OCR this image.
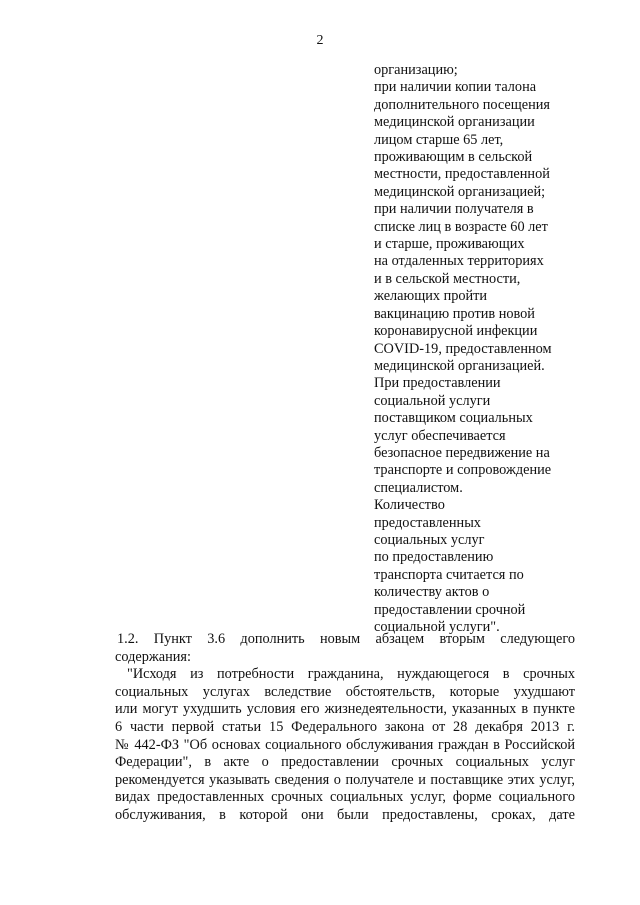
2
организацию;
при наличии копии талона
дополнительного посещения
медицинской организации
лицом старше 65 лет,
проживающим в сельской
местности, предоставленной
медицинской организацией;
при наличии получателя в
списке лиц в возрасте 60 лет
и старше, проживающих
на отдаленных территориях
и в сельской местности,
желающих пройти
вакцинацию против новой
коронавирусной инфекции
COVID-19, предоставленном
медицинской организацией.
При предоставлении
социальной услуги
поставщиком социальных
услуг обеспечивается
безопасное передвижение на
транспорте и сопровождение
специалистом.
Количество
предоставленных
социальных услуг
по предоставлению
транспорта считается по
количеству актов о
предоставлении срочной
социальной услуги".
1.2. Пункт 3.6 дополнить новым абзацем вторым следующего
содержания:
"Исходя из потребности гражданина, нуждающегося в срочных
социальных услугах вследствие обстоятельств, которые ухудшают
или могут ухудшить условия его жизнедеятельности, указанных в пункте
6 части первой статьи 15 Федерального закона от 28 декабря 2013 г.
№ 442-ФЗ "Об основах социального обслуживания граждан в Российской
Федерации", в акте о предоставлении срочных социальных услуг
рекомендуется указывать сведения о получателе и поставщике этих услуг,
видах предоставленных срочных социальных услуг, форме социального
обслуживания, в которой они были предоставлены, сроках, дате
